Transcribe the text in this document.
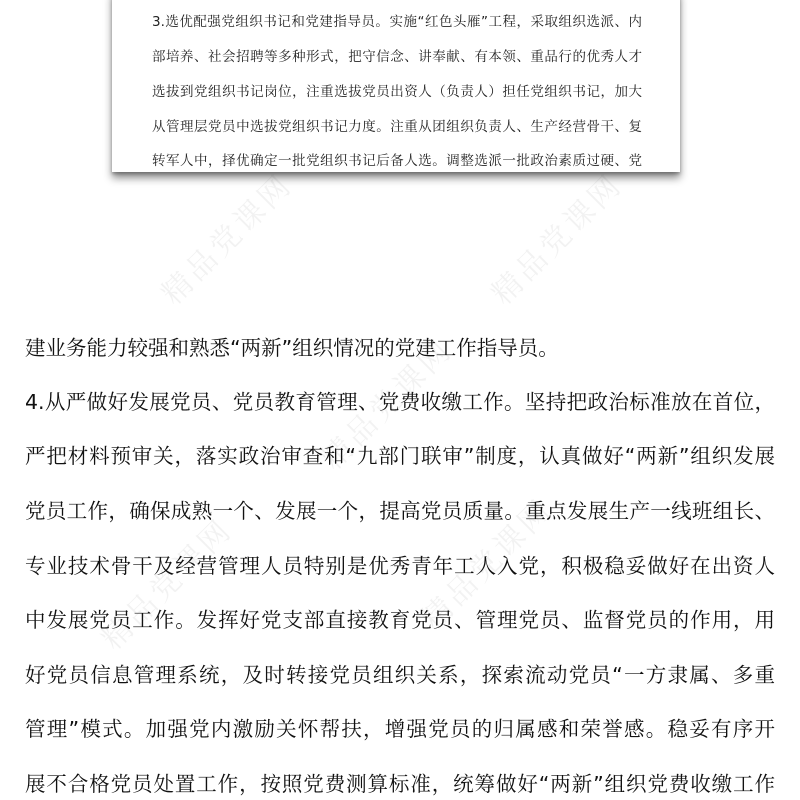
3.选优配强党组织书记和党建指导员。实施“红色头雁”工程，采取组织选派、内
部培养、社会招聘等多种形式，把守信念、讲奉献、有本领、重品行的优秀人才
选拔到党组织书记岗位，注重选拔党员出资人（负责人）担任党组织书记，加大
从管理层党员中选拔党组织书记力度。注重从团组织负责人、生产经营骨干、复
转军人中，择优确定一批党组织书记后备人选。调整选派一批政治素质过硬、党
建业务能力较强和熟悉“两新”组织情况的党建工作指导员。
4.从严做好发展党员、党员教育管理、党费收缴工作。坚持把政治标准放在首位，
严把材料预审关，落实政治审查和“九部门联审”制度，认真做好“两新”组织发展
党员工作，确保成熟一个、发展一个，提高党员质量。重点发展生产一线班组长、
专业技术骨干及经营管理人员特别是优秀青年工人入党，积极稳妥做好在出资人
中发展党员工作。发挥好党支部直接教育党员、管理党员、监督党员的作用，用
好党员信息管理系统，及时转接党员组织关系，探索流动党员“一方隶属、多重
管理”模式。加强党内激励关怀帮扶，增强党员的归属感和荣誉感。稳妥有序开
展不合格党员处置工作，按照党费测算标准，统筹做好“两新”组织党费收缴工作
精品党课网	精品党课网
精品党课网
精品党课网	精品党课网
